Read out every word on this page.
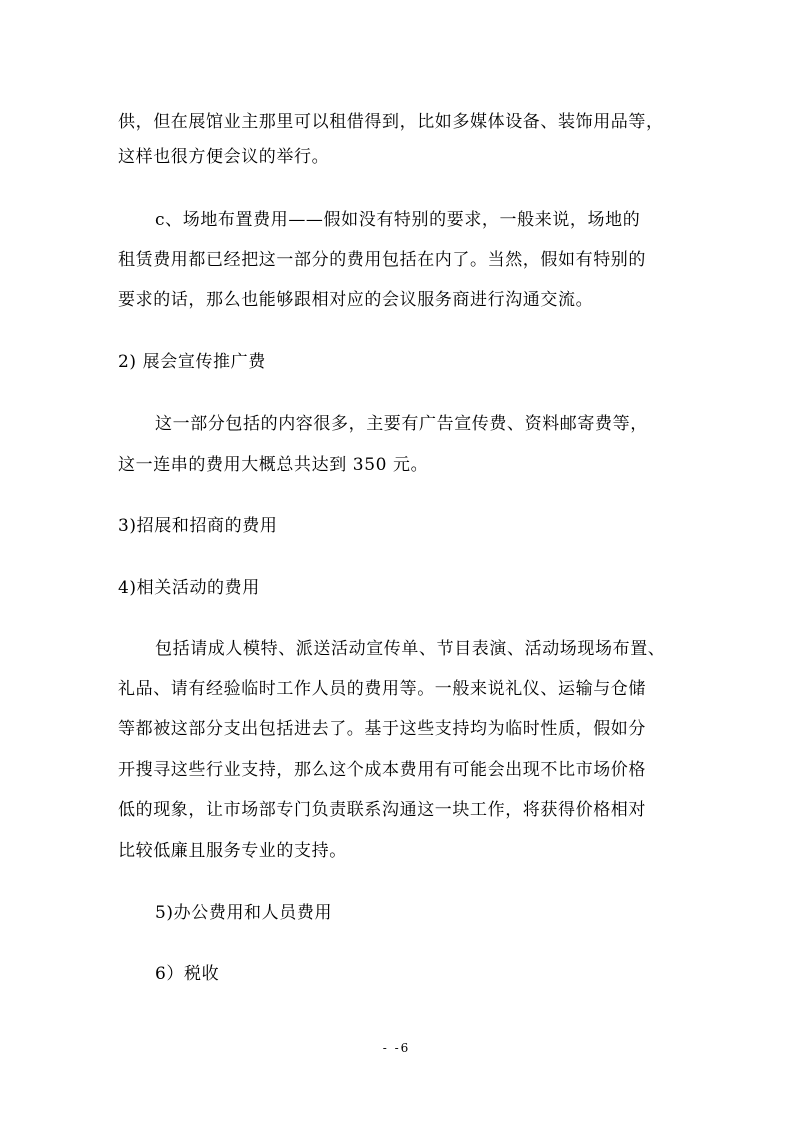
供，但在展馆业主那里可以租借得到，比如多媒体设备、装饰用品等，
这样也很方便会议的举行。
c、场地布置费用——假如没有特别的要求，一般来说，场地的
租赁费用都已经把这一部分的费用包括在内了。当然，假如有特别的
要求的话，那么也能够跟相对应的会议服务商进行沟通交流。
2) 展会宣传推广费
这一部分包括的内容很多，主要有广告宣传费、资料邮寄费等，
这一连串的费用大概总共达到 350 元。
3)招展和招商的费用
4)相关活动的费用
包括请成人模特、派送活动宣传单、节目表演、活动场现场布置、
礼品、请有经验临时工作人员的费用等。一般来说礼仪、运输与仓储
等都被这部分支出包括进去了。基于这些支持均为临时性质，假如分
开搜寻这些行业支持，那么这个成本费用有可能会出现不比市场价格
低的现象，让市场部专门负责联系沟通这一块工作，将获得价格相对
比较低廉且服务专业的支持。
5)办公费用和人员费用
6）税收
- -6
